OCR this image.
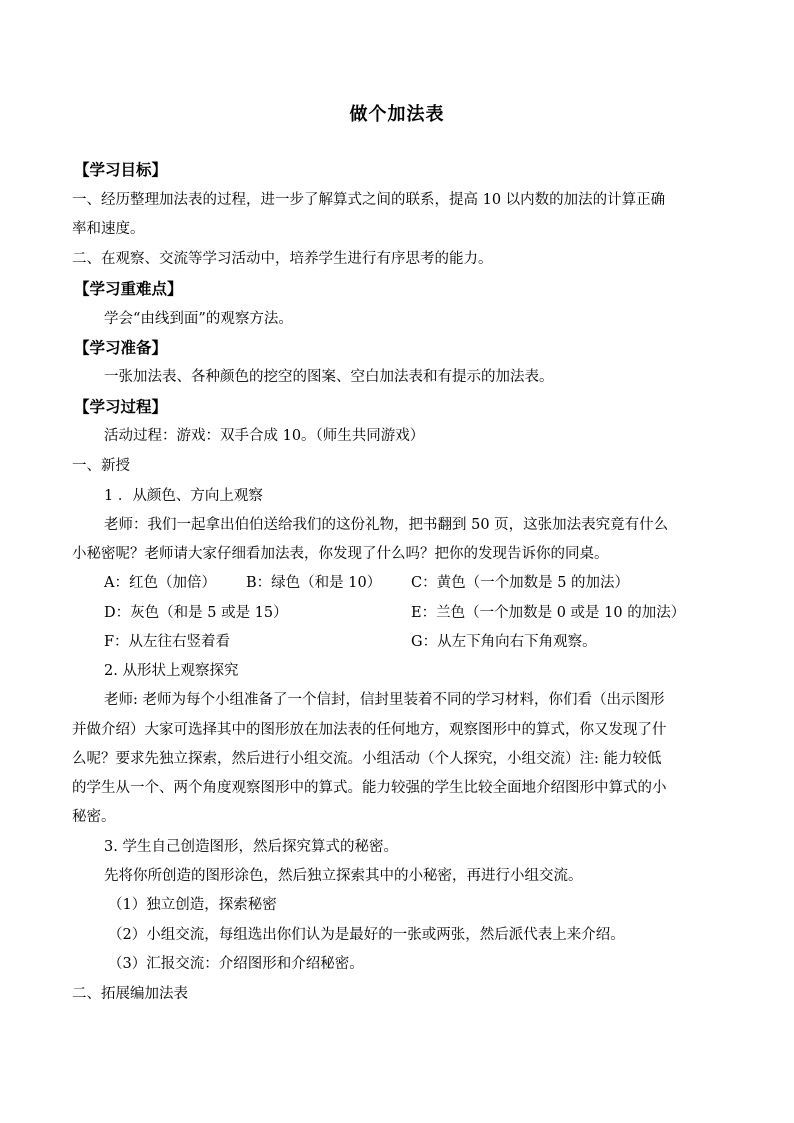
做个加法表
【学习目标】
一、经历整理加法表的过程，进一步了解算式之间的联系，提高 10 以内数的加法的计算正确
率和速度。
二、在观察、交流等学习活动中，培养学生进行有序思考的能力。
【学习重难点】
学会“由线到面”的观察方法。
【学习准备】
一张加法表、各种颜色的挖空的图案、空白加法表和有提示的加法表。
【学习过程】
活动过程：游戏：双手合成 10。（师生共同游戏）
一、新授
1 ．从颜色、方向上观察
老师：我们一起拿出伯伯送给我们的这份礼物，把书翻到 50 页，这张加法表究竟有什么
小秘密呢？老师请大家仔细看加法表，你发现了什么吗？把你的发现告诉你的同桌。
A：红色（加倍） B：绿色（和是 10） C：黄色（一个加数是 5 的加法）
D：灰色（和是 5 或是 15）	E：兰色（一个加数是 0 或是 10 的加法）
F：从左往右竖着看	G：从左下角向右下角观察。
2. 从形状上观察探究
老师: 老师为每个小组准备了一个信封，信封里装着不同的学习材料，你们看（出示图形
并做介绍）大家可选择其中的图形放在加法表的任何地方，观察图形中的算式，你又发现了什
么呢？要求先独立探索，然后进行小组交流。小组活动（个人探究，小组交流）注: 能力较低
的学生从一个、两个角度观察图形中的算式。能力较强的学生比较全面地介绍图形中算式的小
秘密。
3. 学生自己创造图形，然后探究算式的秘密。
先将你所创造的图形涂色，然后独立探索其中的小秘密，再进行小组交流。
（1）独立创造，探索秘密
（2）小组交流，每组选出你们认为是最好的一张或两张，然后派代表上来介绍。
（3）汇报交流：介绍图形和介绍秘密。
二、拓展编加法表
